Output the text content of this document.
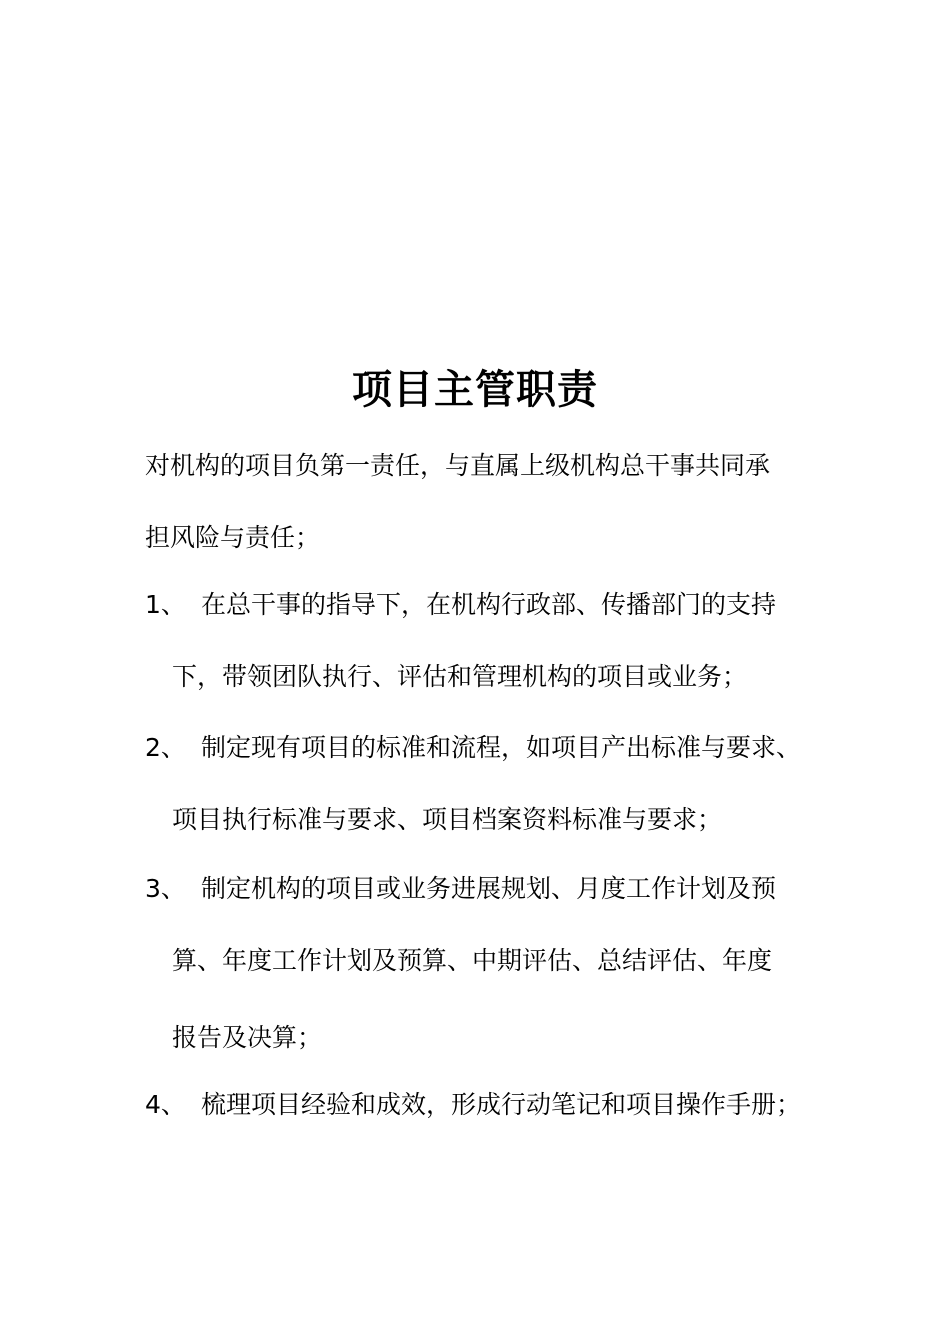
项目主管职责
对机构的项目负第一责任，与直属上级机构总干事共同承
担风险与责任；
1、 在总干事的指导下，在机构行政部、传播部门的支持
下，带领团队执行、评估和管理机构的项目或业务；
2、 制定现有项目的标准和流程，如项目产出标准与要求、
项目执行标准与要求、项目档案资料标准与要求；
3、 制定机构的项目或业务进展规划、月度工作计划及预
算、年度工作计划及预算、中期评估、总结评估、年度
报告及决算；
4、 梳理项目经验和成效，形成行动笔记和项目操作手册；
